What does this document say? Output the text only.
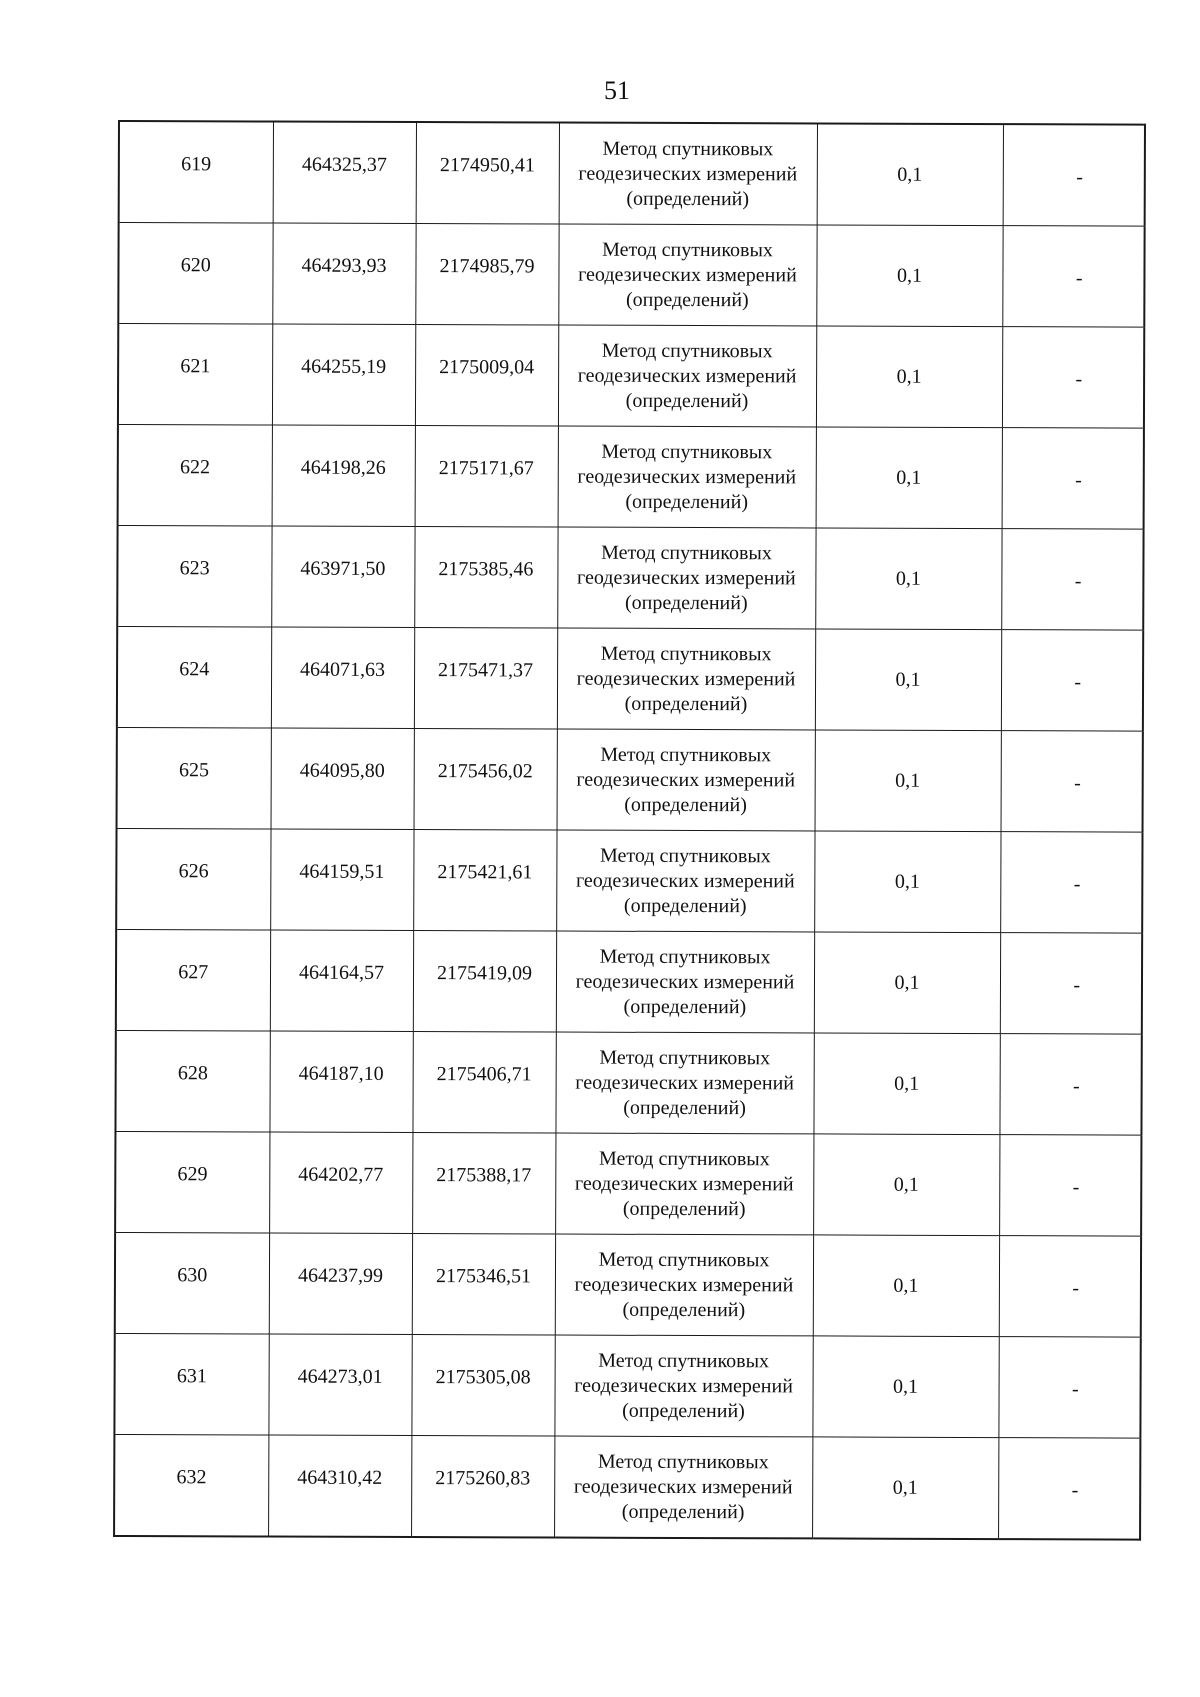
51
619	464325,37	2174950,41	Метод спутниковых
геодезических измерений
(определений)	0,1	-
620	464293,93	2174985,79	Метод спутниковых
геодезических измерений
(определений)	0,1	-
621	464255,19	2175009,04	Метод спутниковых
геодезических измерений
(определений)	0,1	-
622	464198,26	2175171,67	Метод спутниковых
геодезических измерений
(определений)	0,1	-
623	463971,50	2175385,46	Метод спутниковых
геодезических измерений
(определений)	0,1	-
624	464071,63	2175471,37	Метод спутниковых
геодезических измерений
(определений)	0,1	-
625	464095,80	2175456,02	Метод спутниковых
геодезических измерений
(определений)	0,1	-
626	464159,51	2175421,61	Метод спутниковых
геодезических измерений
(определений)	0,1	-
627	464164,57	2175419,09	Метод спутниковых
геодезических измерений
(определений)	0,1	-
628	464187,10	2175406,71	Метод спутниковых
геодезических измерений
(определений)	0,1	-
629	464202,77	2175388,17	Метод спутниковых
геодезических измерений
(определений)	0,1	-
630	464237,99	2175346,51	Метод спутниковых
геодезических измерений
(определений)	0,1	-
631	464273,01	2175305,08	Метод спутниковых
геодезических измерений
(определений)	0,1	-
632	464310,42	2175260,83	Метод спутниковых
геодезических измерений
(определений)	0,1	-
